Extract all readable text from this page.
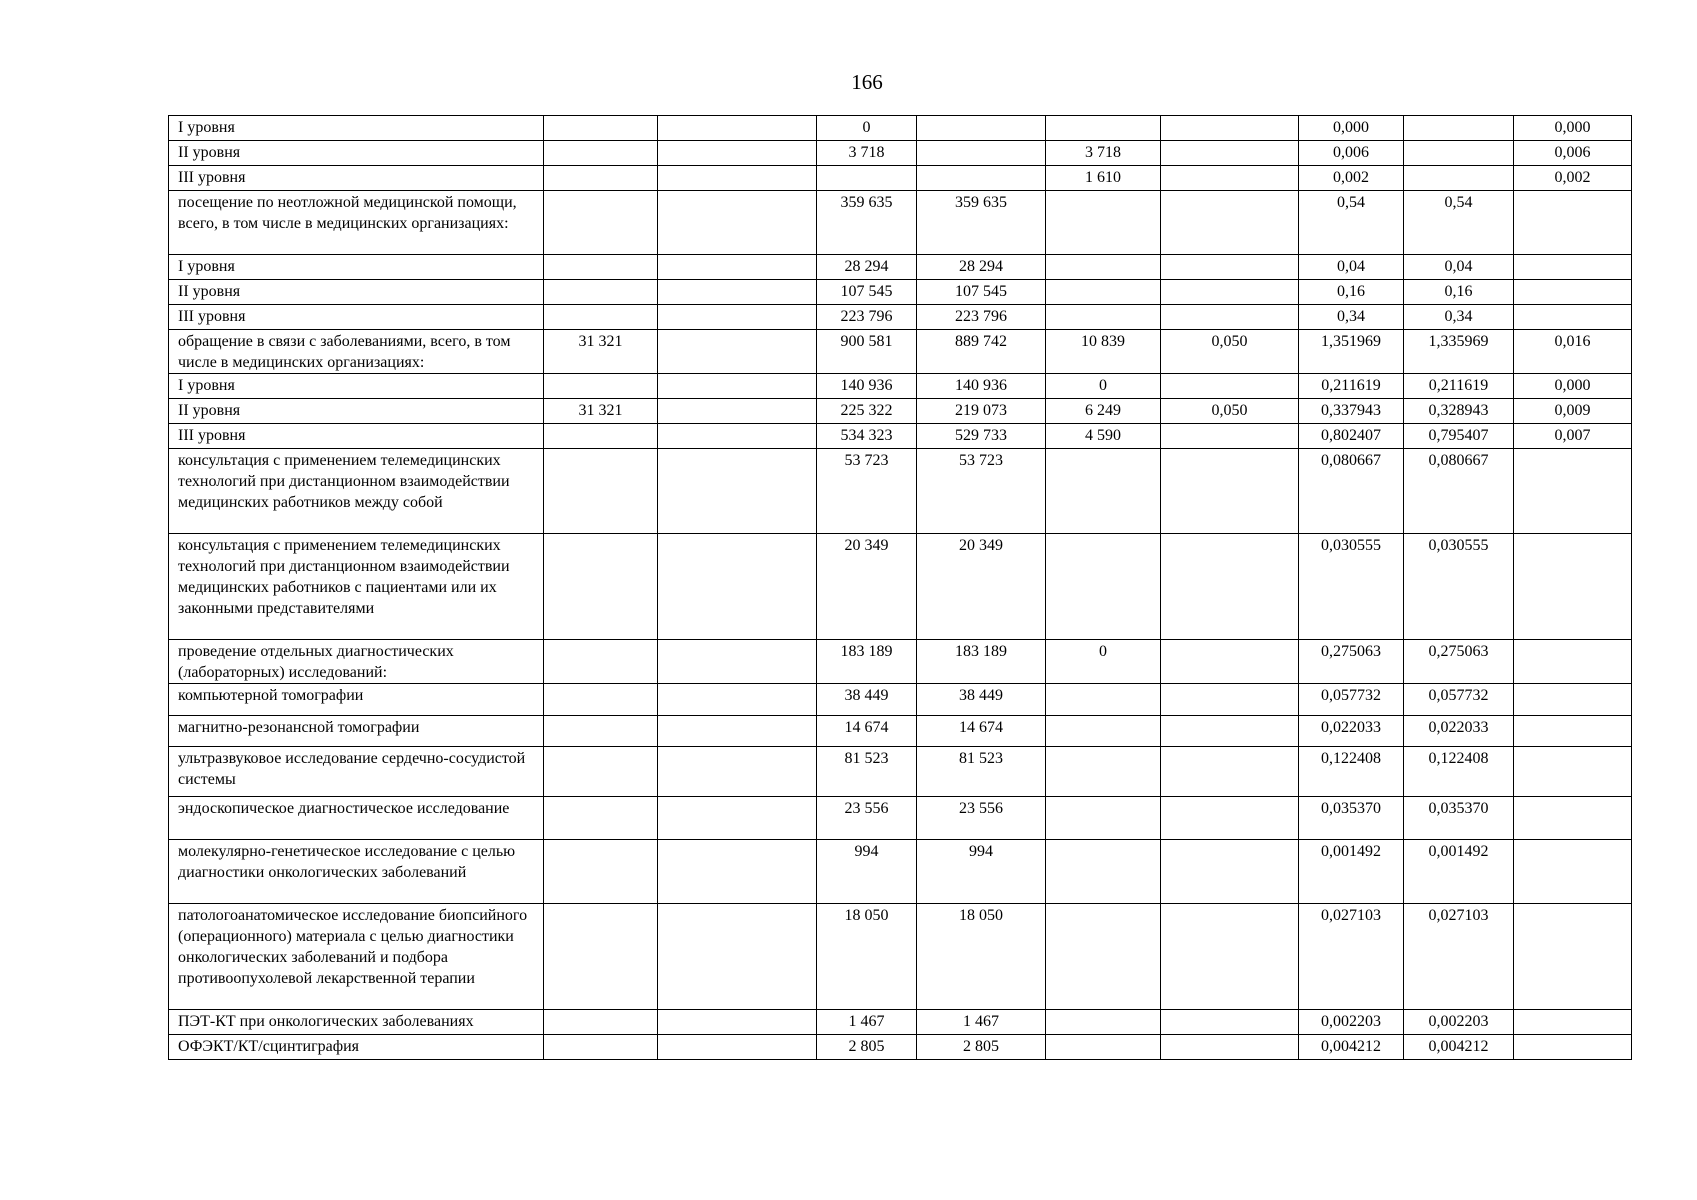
166
I уровня			0				0,000		0,000
II уровня			3 718		3 718		0,006		0,006
III уровня					1 610		0,002		0,002
посещение по неотложной медицинской помощи, всего, в том числе в медицинских организациях:			359 635	359 635			0,54	0,54	
I уровня			28 294	28 294			0,04	0,04	
II уровня			107 545	107 545			0,16	0,16	
III уровня			223 796	223 796			0,34	0,34	
обращение в связи с заболеваниями, всего, в том числе в медицинских организациях:	31 321		900 581	889 742	10 839	0,050	1,351969	1,335969	0,016
I уровня			140 936	140 936	0		0,211619	0,211619	0,000
II уровня	31 321		225 322	219 073	6 249	0,050	0,337943	0,328943	0,009
III уровня			534 323	529 733	4 590		0,802407	0,795407	0,007
консультация с применением телемедицинских технологий при дистанционном взаимодействии медицинских работников между собой			53 723	53 723			0,080667	0,080667	
консультация с применением телемедицинских технологий при дистанционном взаимодействии медицинских работников с пациентами или их законными представителями			20 349	20 349			0,030555	0,030555	
проведение отдельных диагностических (лабораторных) исследований:			183 189	183 189	0		0,275063	0,275063	
компьютерной томографии			38 449	38 449			0,057732	0,057732	
магнитно-резонансной томографии			14 674	14 674			0,022033	0,022033	
ультразвуковое исследование сердечно-сосудистой системы			81 523	81 523			0,122408	0,122408	
эндоскопическое диагностическое исследование			23 556	23 556			0,035370	0,035370	
молекулярно-генетическое исследование с целью диагностики онкологических заболеваний			994	994			0,001492	0,001492	
патологоанатомическое исследование биопсийного (операционного) материала с целью диагностики онкологических заболеваний и подбора противоопухолевой лекарственной терапии			18 050	18 050			0,027103	0,027103	
ПЭТ-КТ при онкологических заболеваниях			1 467	1 467			0,002203	0,002203	
ОФЭКТ/КТ/сцинтиграфия			2 805	2 805			0,004212	0,004212	
